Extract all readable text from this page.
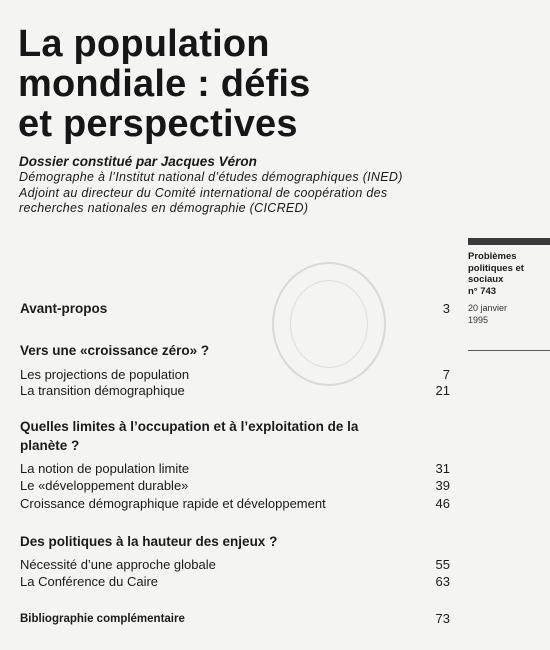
La population
mondiale : défis
et perspectives
Dossier constitué par Jacques Véron
Démographe à l’Institut national d’études démographiques (INED)
Adjoint au directeur du Comité international de coopération des
recherches nationales en démographie (CICRED)
Problèmes
politiques et
sociaux
n° 743
20 janvier
1995
Avant-propos	3
Vers une «croissance zéro» ?
Les projections de population	7
La transition démographique	21
Quelles limites à l’occupation et à l’exploitation de la planète ?
La notion de population limite	31
Le «développement durable»	39
Croissance démographique rapide et développement	46
Des politiques à la hauteur des enjeux ?
Nécessité d’une approche globale	55
La Conférence du Caire	63
Bibliographie complémentaire	73
